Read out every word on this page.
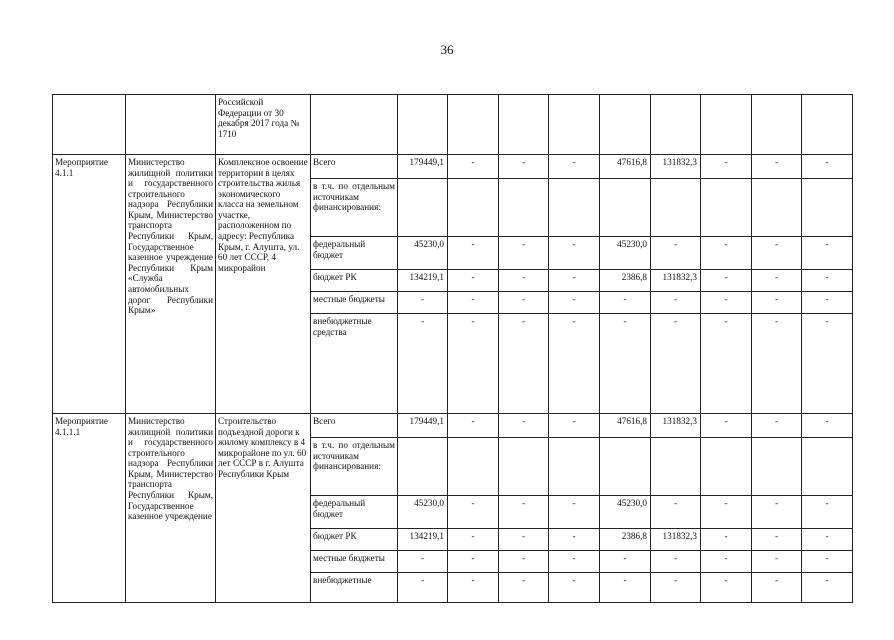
36
		Российской Федерации от 30 декабря 2017 года № 1710										
Мероприятие 4.1.1	Министерство жилищной политики и государственного строительного надзора Республики Крым, Министерство транспорта Республики Крым, Государственное казенное учреждение Республики Крым «Служба автомобильных дорог Республики Крым»	Комплексное освоение территории в целях строительства жилья экономического класса на земельном участке, расположенном по адресу: Республика Крым, г. Алушта, ул. 60 лет СССР, 4 микрорайон	Всего	179449,1	-	-	-	47616,8	131832,3	-	-	-
			в т.ч. по отдельным источникам финансирования:									
			федеральный бюджет	45230,0	-	-	-	45230,0	-	-	-	-
			бюджет РК	134219,1	-	-	-	2386,8	131832,3	-	-	-
			местные бюджеты	-	-	-	-	-	-	-	-	-
			внебюджетные средства	-	-	-	-	-	-	-	-	-
Мероприятие 4.1.1.1	Министерство жилищной политики и государственного строительного надзора Республики Крым, Министерство транспорта Республики Крым, Государственное казенное учреждение	Строительство подъездной дороги к жилому комплексу в 4 микрорайоне по ул. 60 лет СССР в г. Алушта Республики Крым	Всего	179449,1	-	-	-	47616,8	131832,3	-	-	-
			в т.ч. по отдельным источникам финансирования:									
			федеральный бюджет	45230,0	-	-	-	45230,0	-	-	-	-
			бюджет РК	134219,1	-	-	-	2386,8	131832,3	-	-	-
			местные бюджеты	-	-	-	-	-	-	-	-	-
			внебюджетные	-	-	-	-	-	-	-	-	-
